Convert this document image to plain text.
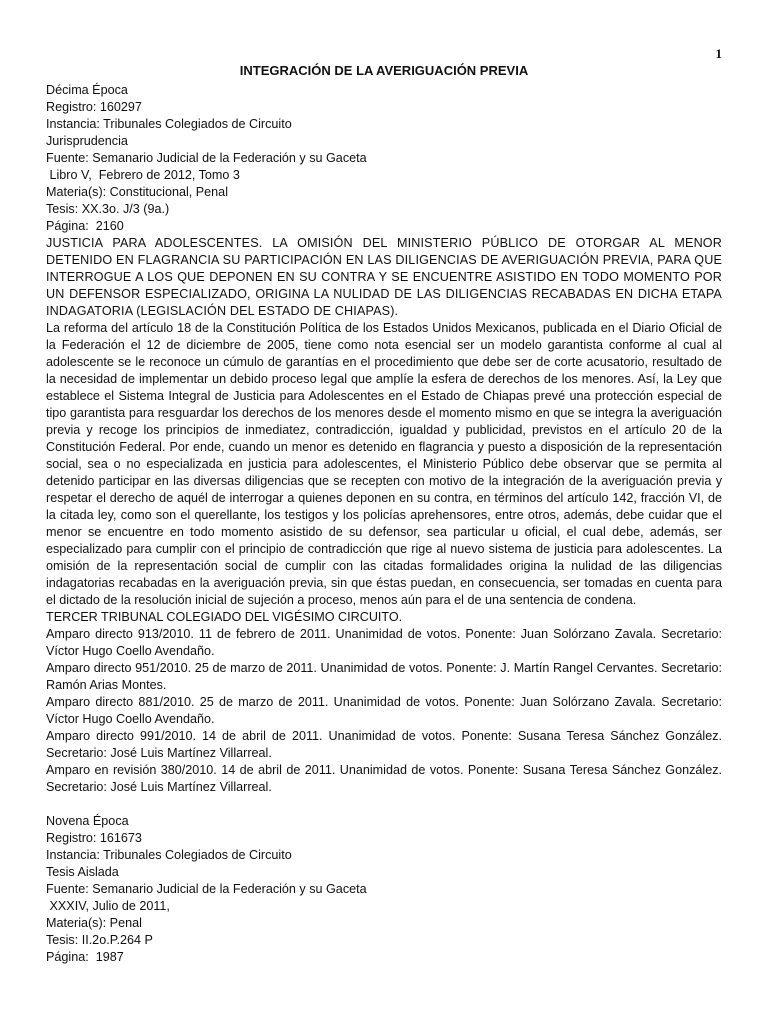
1
INTEGRACIÓN DE LA AVERIGUACIÓN PREVIA
Décima Época
Registro: 160297
Instancia: Tribunales Colegiados de Circuito
Jurisprudencia
Fuente: Semanario Judicial de la Federación y su Gaceta
Libro V,  Febrero de 2012, Tomo 3
Materia(s): Constitucional, Penal
Tesis: XX.3o. J/3 (9a.)
Página:  2160
JUSTICIA PARA ADOLESCENTES. LA OMISIÓN DEL MINISTERIO PÚBLICO DE OTORGAR AL MENOR DETENIDO EN FLAGRANCIA SU PARTICIPACIÓN EN LAS DILIGENCIAS DE AVERIGUACIÓN PREVIA, PARA QUE INTERROGUE A LOS QUE DEPONEN EN SU CONTRA Y SE ENCUENTRE ASISTIDO EN TODO MOMENTO POR UN DEFENSOR ESPECIALIZADO, ORIGINA LA NULIDAD DE LAS DILIGENCIAS RECABADAS EN DICHA ETAPA INDAGATORIA (LEGISLACIÓN DEL ESTADO DE CHIAPAS).
La reforma del artículo 18 de la Constitución Política de los Estados Unidos Mexicanos, publicada en el Diario Oficial de la Federación el 12 de diciembre de 2005, tiene como nota esencial ser un modelo garantista conforme al cual al adolescente se le reconoce un cúmulo de garantías en el procedimiento que debe ser de corte acusatorio, resultado de la necesidad de implementar un debido proceso legal que amplíe la esfera de derechos de los menores. Así, la Ley que establece el Sistema Integral de Justicia para Adolescentes en el Estado de Chiapas prevé una protección especial de tipo garantista para resguardar los derechos de los menores desde el momento mismo en que se integra la averiguación previa y recoge los principios de inmediatez, contradicción, igualdad y publicidad, previstos en el artículo 20 de la Constitución Federal. Por ende, cuando un menor es detenido en flagrancia y puesto a disposición de la representación social, sea o no especializada en justicia para adolescentes, el Ministerio Público debe observar que se permita al detenido participar en las diversas diligencias que se recepten con motivo de la integración de la averiguación previa y respetar el derecho de aquél de interrogar a quienes deponen en su contra, en términos del artículo 142, fracción VI, de la citada ley, como son el querellante, los testigos y los policías aprehensores, entre otros, además, debe cuidar que el menor se encuentre en todo momento asistido de su defensor, sea particular u oficial, el cual debe, además, ser especializado para cumplir con el principio de contradicción que rige al nuevo sistema de justicia para adolescentes. La omisión de la representación social de cumplir con las citadas formalidades origina la nulidad de las diligencias indagatorias recabadas en la averiguación previa, sin que éstas puedan, en consecuencia, ser tomadas en cuenta para el dictado de la resolución inicial de sujeción a proceso, menos aún para el de una sentencia de condena.
TERCER TRIBUNAL COLEGIADO DEL VIGÉSIMO CIRCUITO.
Amparo directo 913/2010. 11 de febrero de 2011. Unanimidad de votos. Ponente: Juan Solórzano Zavala. Secretario: Víctor Hugo Coello Avendaño.
Amparo directo 951/2010. 25 de marzo de 2011. Unanimidad de votos. Ponente: J. Martín Rangel Cervantes. Secretario: Ramón Arias Montes.
Amparo directo 881/2010. 25 de marzo de 2011. Unanimidad de votos. Ponente: Juan Solórzano Zavala. Secretario: Víctor Hugo Coello Avendaño.
Amparo directo 991/2010. 14 de abril de 2011. Unanimidad de votos. Ponente: Susana Teresa Sánchez González. Secretario: José Luis Martínez Villarreal.
Amparo en revisión 380/2010. 14 de abril de 2011. Unanimidad de votos. Ponente: Susana Teresa Sánchez González. Secretario: José Luis Martínez Villarreal.
Novena Época
Registro: 161673
Instancia: Tribunales Colegiados de Circuito
Tesis Aislada
Fuente: Semanario Judicial de la Federación y su Gaceta
XXXIV, Julio de 2011,
Materia(s): Penal
Tesis: II.2o.P.264 P
Página:  1987
